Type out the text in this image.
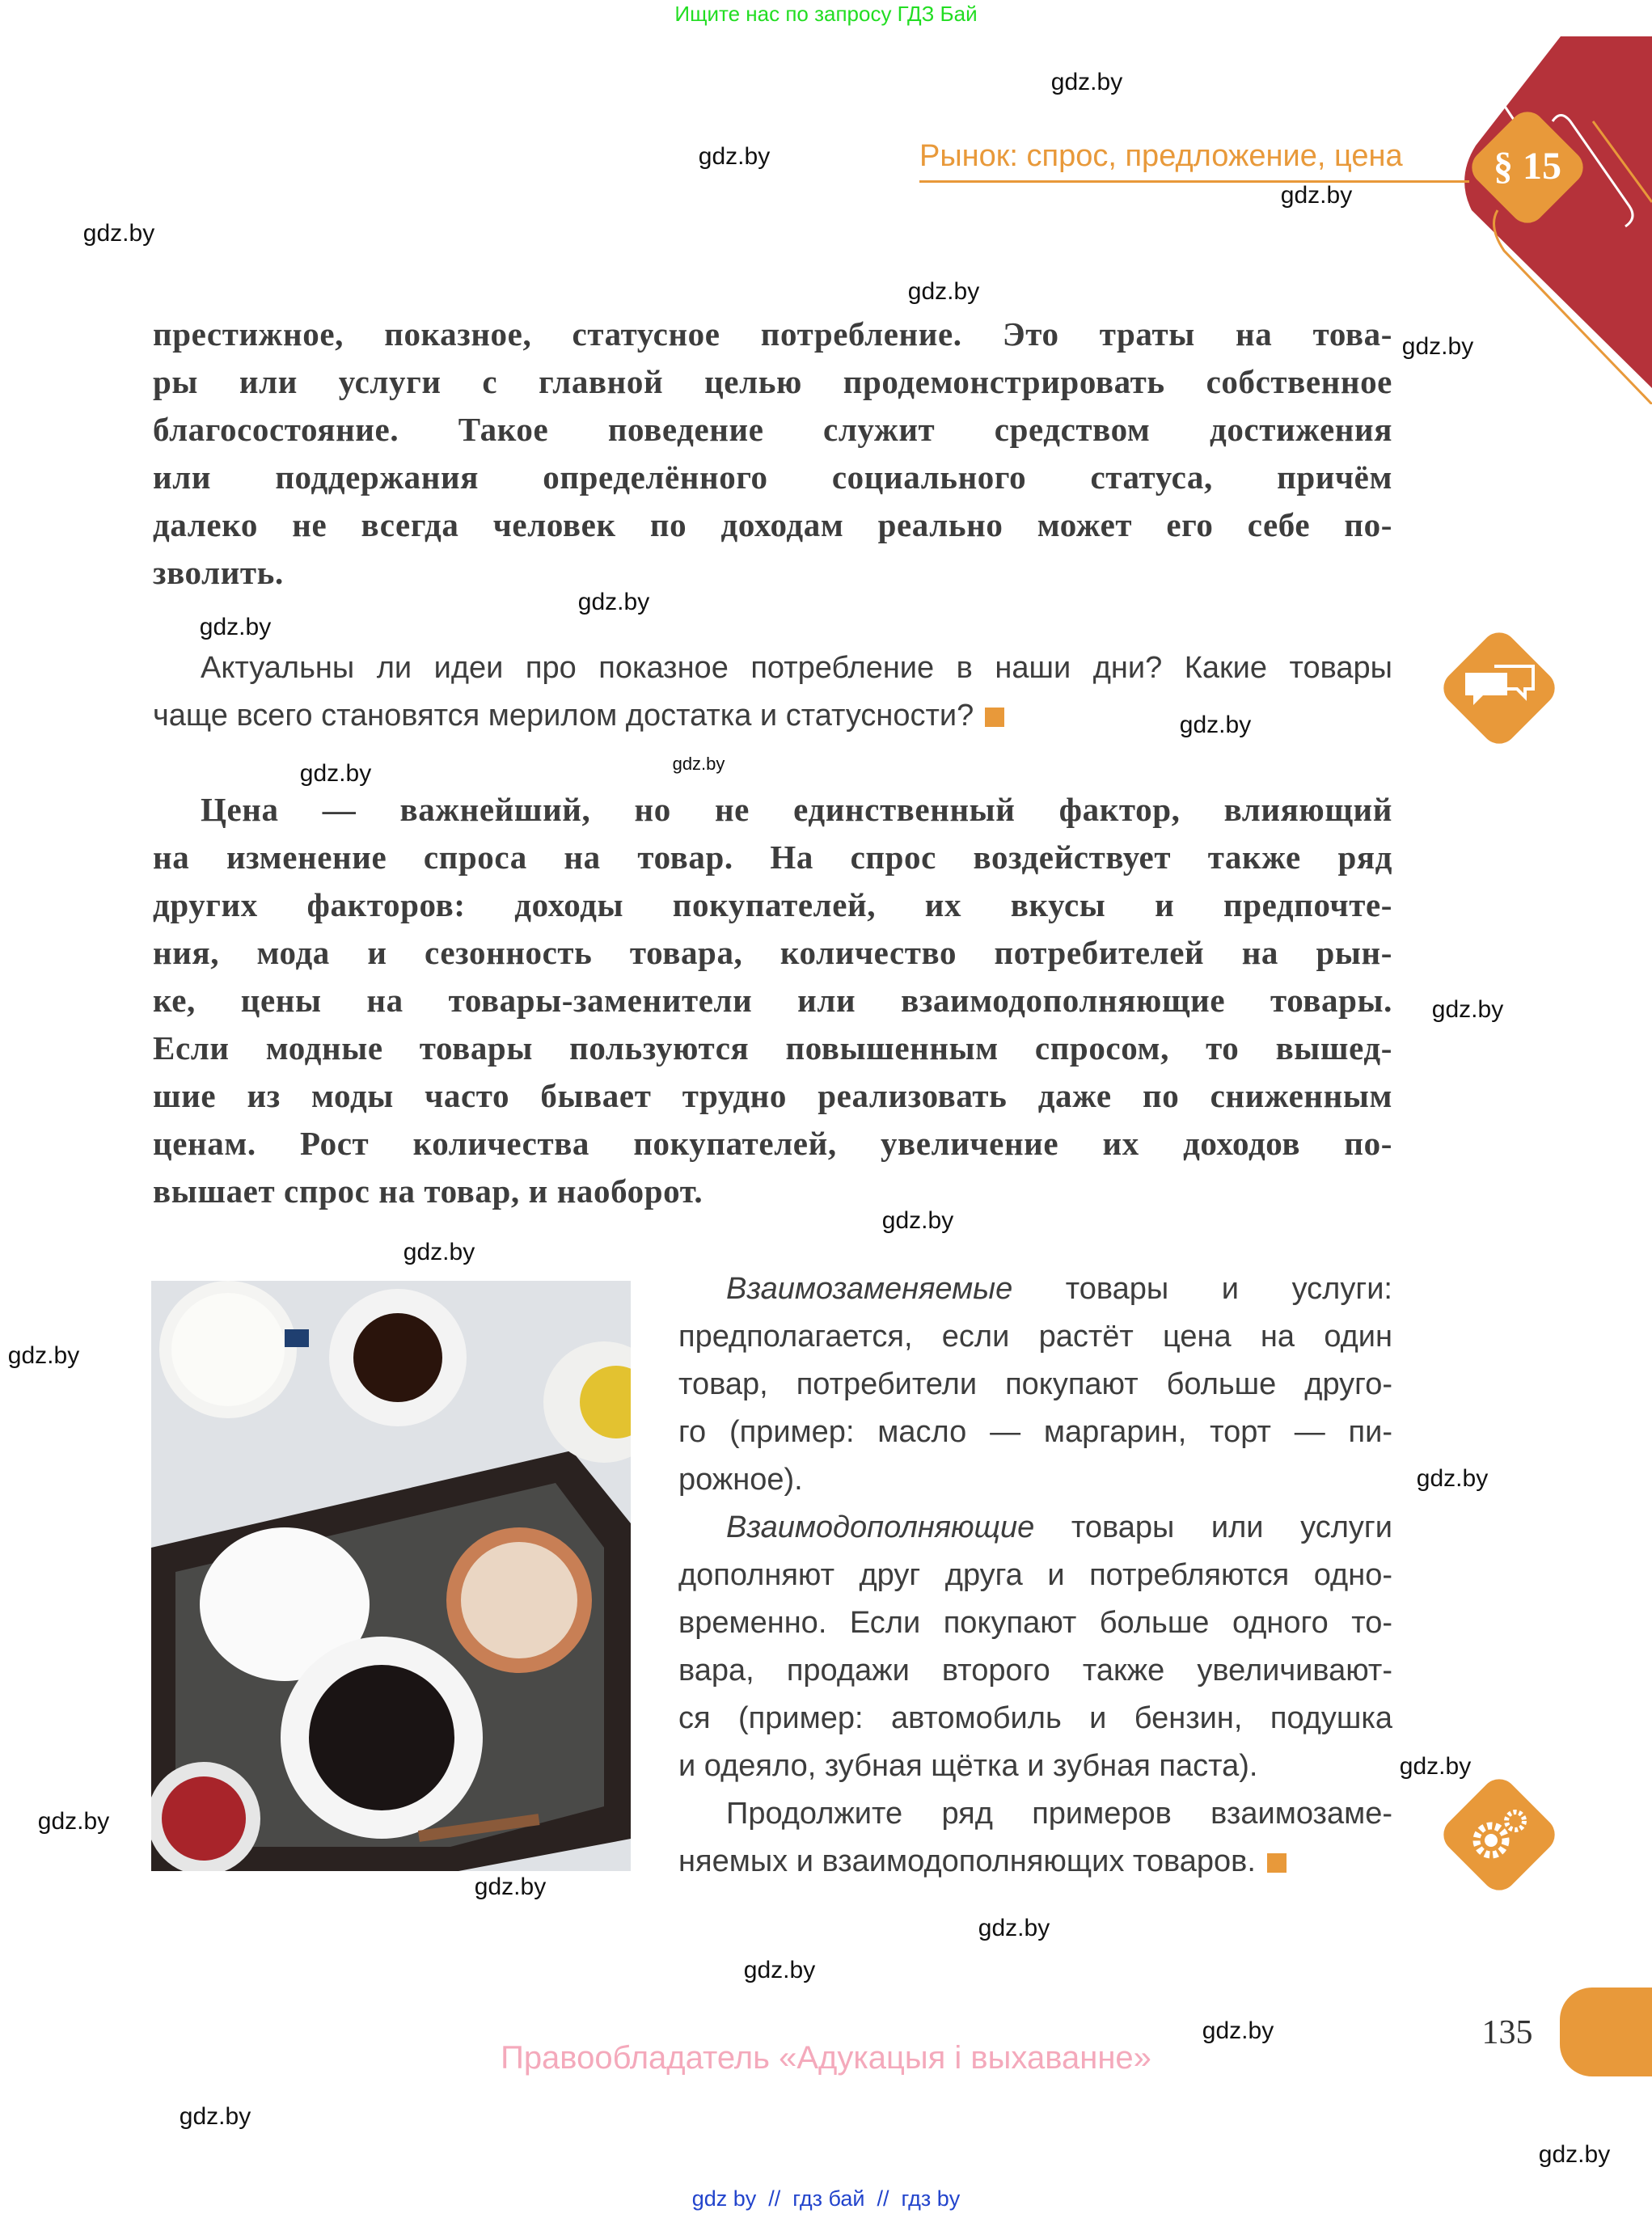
Ищите нас по запросу ГДЗ Бай
Рынок: спрос, предложение, цена	§ 15
престижное, показное, статусное потребление. Это траты на това-
ры или услуги с главной целью продемонстрировать собственное
благосостояние. Такое поведение служит средством достижения
или поддержания определённого социального статуса, причём
далеко не всегда человек по доходам реально может его себе по-
зволить.
Актуальны ли идеи про показное потребление в наши дни? Какие товары
чаще всего становятся мерилом достатка и статусности?
Цена — важнейший, но не единственный фактор, влияющий
на изменение спроса на товар. На спрос воздействует также ряд
других факторов: доходы покупателей, их вкусы и предпочте-
ния, мода и сезонность товара, количество потребителей на рын-
ке, цены на товары-заменители или взаимодополняющие товары.
Если модные товары пользуются повышенным спросом, то вышед-
шие из моды часто бывает трудно реализовать даже по сниженным
ценам. Рост количества покупателей, увеличение их доходов по-
вышает спрос на товар, и наоборот.
Взаимозаменяемые товары и услуги:
предполагается, если растёт цена на один
товар, потребители покупают больше друго-
го (пример: масло — маргарин, торт — пи-
рожное).
Взаимодополняющие товары или услуги
дополняют друг друга и потребляются одно-
временно. Если покупают больше одного то-
вара, продажи второго также увеличивают-
ся (пример: автомобиль и бензин, подушка
и одеяло, зубная щётка и зубная паста).
Продолжите ряд примеров взаимозаме-
няемых и взаимодополняющих товаров.
135
Правообладатель «Адукацыя і выхаванне»
gdz by  //  гдз бай  //  гдз by
gdz.by
gdz.by
gdz.by
gdz.by
gdz.by
gdz.by
gdz.by
gdz.by
gdz.by
gdz.by
gdz.by
gdz.by
gdz.by
gdz.by
gdz.by
gdz.by
gdz.by
gdz.by
gdz.by
gdz.by
gdz.by
gdz.by
gdz.by
gdz.by
